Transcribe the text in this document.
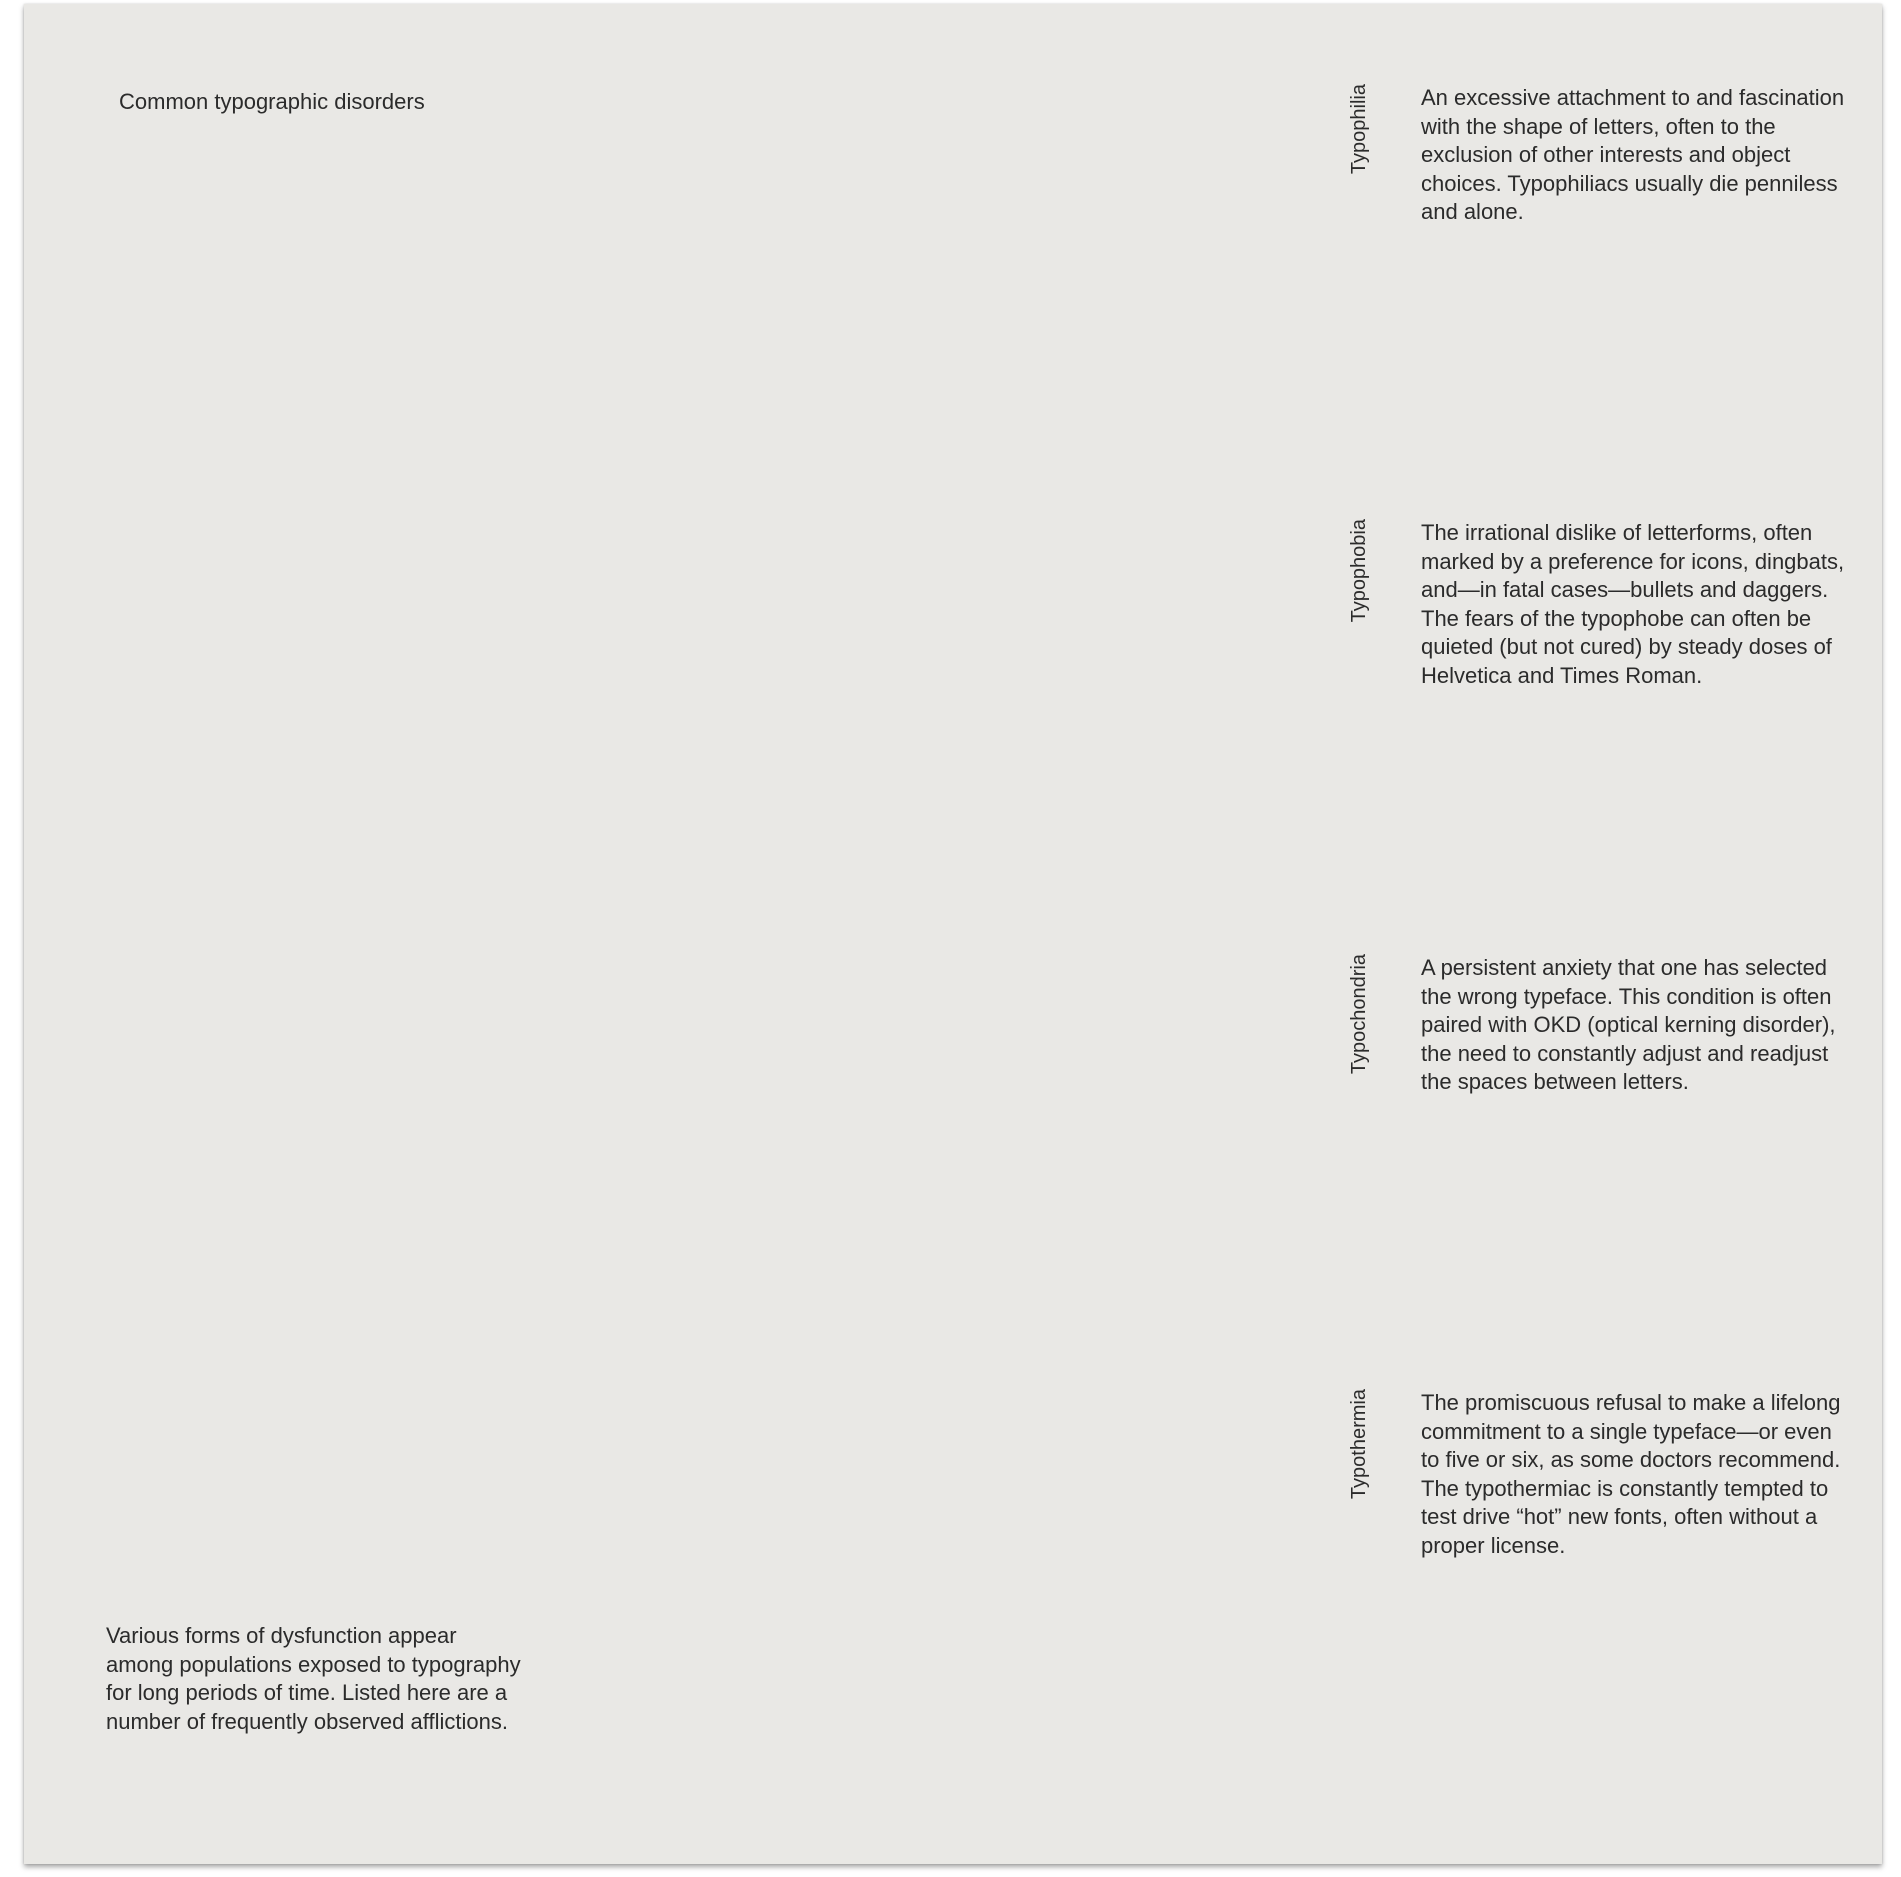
Common typographic disorders	Typophilia An excessive attachment to and fascination with the shape of letters, often to the exclusion of other interests and object choices. Typophiliacs usually die penniless and alone.

Typophobia The irrational dislike of letterforms, often marked by a preference for icons, dingbats, and—in fatal cases—bullets and daggers. The fears of the typophobe can often be quieted (but not cured) by steady doses of Helvetica and Times Roman.

Typochondria A persistent anxiety that one has selected the wrong typeface. This condition is often paired with OKD (optical kerning disorder), the need to constantly adjust and readjust the spaces between letters.

Typothermia The promiscuous refusal to make a lifelong commitment to a single typeface—or even to five or six, as some doctors recommend. The typothermiac is constantly tempted to test drive “hot” new fonts, often without a proper license.

Various forms of dysfunction appear among populations exposed to typography for long periods of time. Listed here are a number of frequently observed afflictions.
